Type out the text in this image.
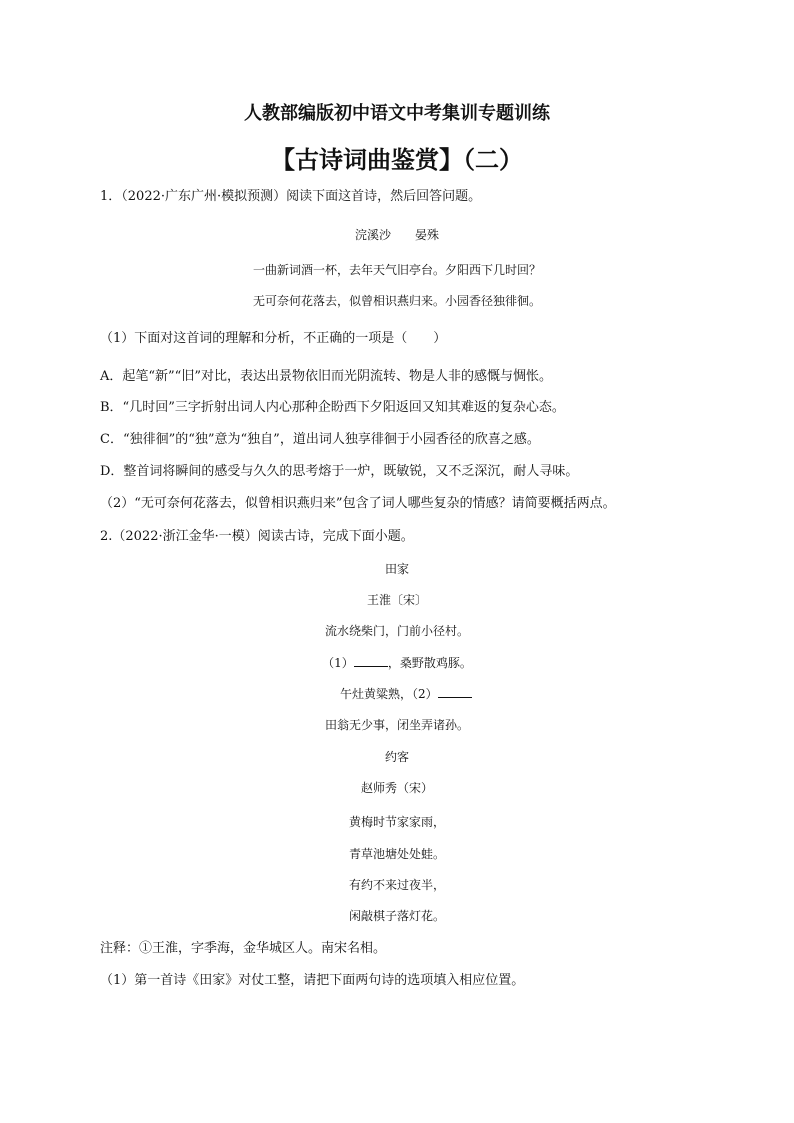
人教部编版初中语文中考集训专题训练
【古诗词曲鉴赏】（二）
1．（2022·广东广州·模拟预测）阅读下面这首诗，然后回答问题。
浣溪沙　　晏殊
一曲新词酒一杯，去年天气旧亭台。夕阳西下几时回？
无可奈何花落去，似曾相识燕归来。小园香径独徘徊。
（1）下面对这首词的理解和分析，不正确的一项是（　　）
A．起笔“新”“旧”对比，表达出景物依旧而光阴流转、物是人非的感慨与惆怅。
B．“几时回”三字折射出词人内心那种企盼西下夕阳返回又知其难返的复杂心态。
C．“独徘徊”的“独”意为“独自”，道出词人独享徘徊于小园香径的欣喜之感。
D．整首词将瞬间的感受与久久的思考熔于一炉，既敏锐，又不乏深沉，耐人寻味。
（2）“无可奈何花落去，似曾相识燕归来”包含了词人哪些复杂的情感？请简要概括两点。
2.（2022·浙江金华·一模）阅读古诗，完成下面小题。
田家
王淮〔宋〕
流水绕柴门，门前小径村。
（1）	，桑野散鸡豚。
午灶黄粱熟，（2）
田翁无少事，闭坐弄诸孙。
约客
赵师秀（宋）
黄梅时节家家雨，
青草池塘处处蛙。
有约不来过夜半，
闲敲棋子落灯花。
注释：①王淮，字季海，金华城区人。南宋名相。
（1）第一首诗《田家》对仗工整，请把下面两句诗的选项填入相应位置。
